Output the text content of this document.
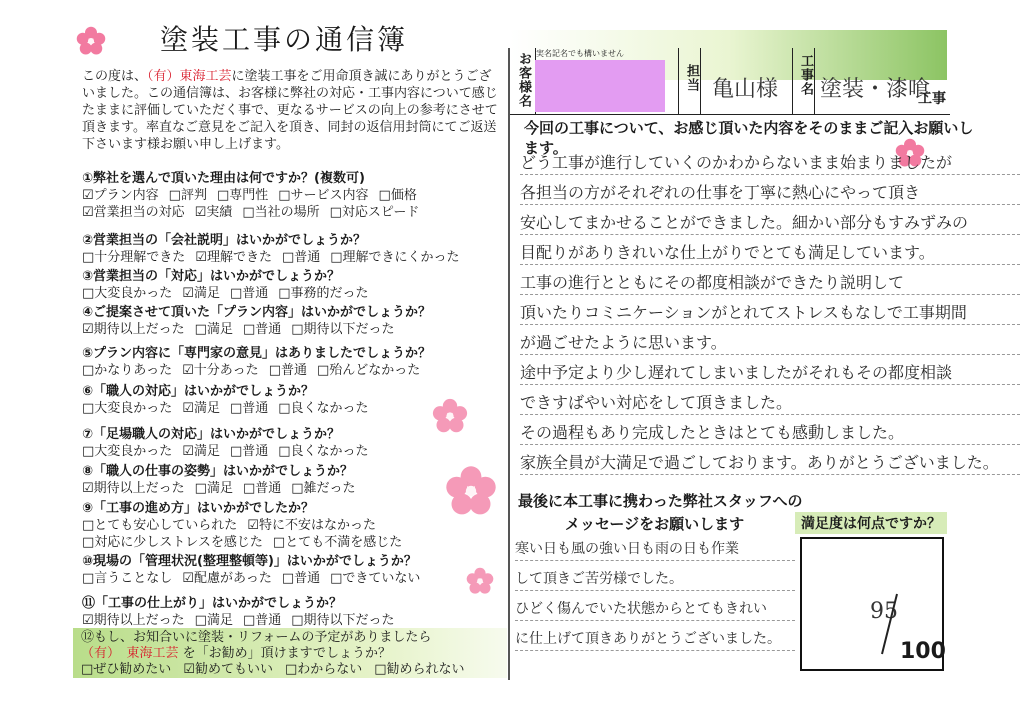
塗装工事の通信簿
この度は、（有）東海工芸に塗装工事をご用命頂き誠にありがとうございました。この通信簿は、お客様に弊社の対応・工事内容について感じたままに評価していただく事で、更なるサービスの向上の参考にさせて頂きます。率直なご意見をご記入を頂き、同封の返信用封筒にてご返送下さいます様お願い申し上げます。
①弊社を選んで頂いた理由は何ですか？(複数可)
☑プラン内容 □評判 □専門性 □サービス内容 □価格
☑営業担当の対応 ☑実績 □当社の場所 □対応スピード
②営業担当の「会社説明」はいかがでしょうか？
□十分理解できた ☑理解できた □普通 □理解できにくかった
③営業担当の「対応」はいかがでしょうか？
□大変良かった ☑満足 □普通 □事務的だった
④ご提案させて頂いた「プラン内容」はいかがでしょうか？
☑期待以上だった □満足 □普通 □期待以下だった
⑤プラン内容に「専門家の意見」はありましたでしょうか？
□かなりあった ☑十分あった □普通 □殆んどなかった
⑥「職人の対応」はいかがでしょうか？
□大変良かった ☑満足 □普通 □良くなかった
⑦「足場職人の対応」はいかがでしょうか？
□大変良かった ☑満足 □普通 □良くなかった
⑧「職人の仕事の姿勢」はいかがでしょうか？
☑期待以上だった □満足 □普通 □雑だった
⑨「工事の進め方」はいかがでしたか？
□とても安心していられた ☑特に不安はなかった
□対応に少しストレスを感じた □とても不満を感じた
⑩現場の「管理状況(整理整頓等)」はいかがでしょうか？
□言うことなし ☑配慮があった □普通 □できていない
⑪「工事の仕上がり」はいかがでしょうか？
☑期待以上だった □満足 □普通 □期待以下だった
⑫もし、お知合いに塗装・リフォームの予定がありましたら
（有）　東海工芸 を「お勧め」頂けますでしょうか？
□ぜひ勧めたい ☑勧めてもいい □わからない □勧められない
お客様名	担当 亀山様 工事名 塗装・漆喰
工事
実名記名でも構いません
今回の工事について、お感じ頂いた内容をそのままご記入お願いします。
どう工事が進行していくのかわからないまま始まりましたが
各担当の方がそれぞれの仕事を丁寧に熱心にやって頂き
安心してまかせることができました。細かい部分もすみずみの
目配りがありきれいな仕上がりでとても満足しています。
工事の進行とともにその都度相談ができたり説明して
頂いたりコミニケーションがとれてストレスもなしで工事期間
が過ごせたように思います。
途中予定より少し遅れてしまいましたがそれもその都度相談
できすばやい対応をして頂きました。
その過程もあり完成したときはとても感動しました。
家族全員が大満足で過ごしております。ありがとうございました。
最後に本工事に携わった弊社スタッフへの
メッセージをお願いします
寒い日も風の強い日も雨の日も作業
して頂きご苦労様でした。
ひどく傷んでいた状態からとてもきれい
に仕上げて頂きありがとうございました。
満足度は何点ですか？
95
100
